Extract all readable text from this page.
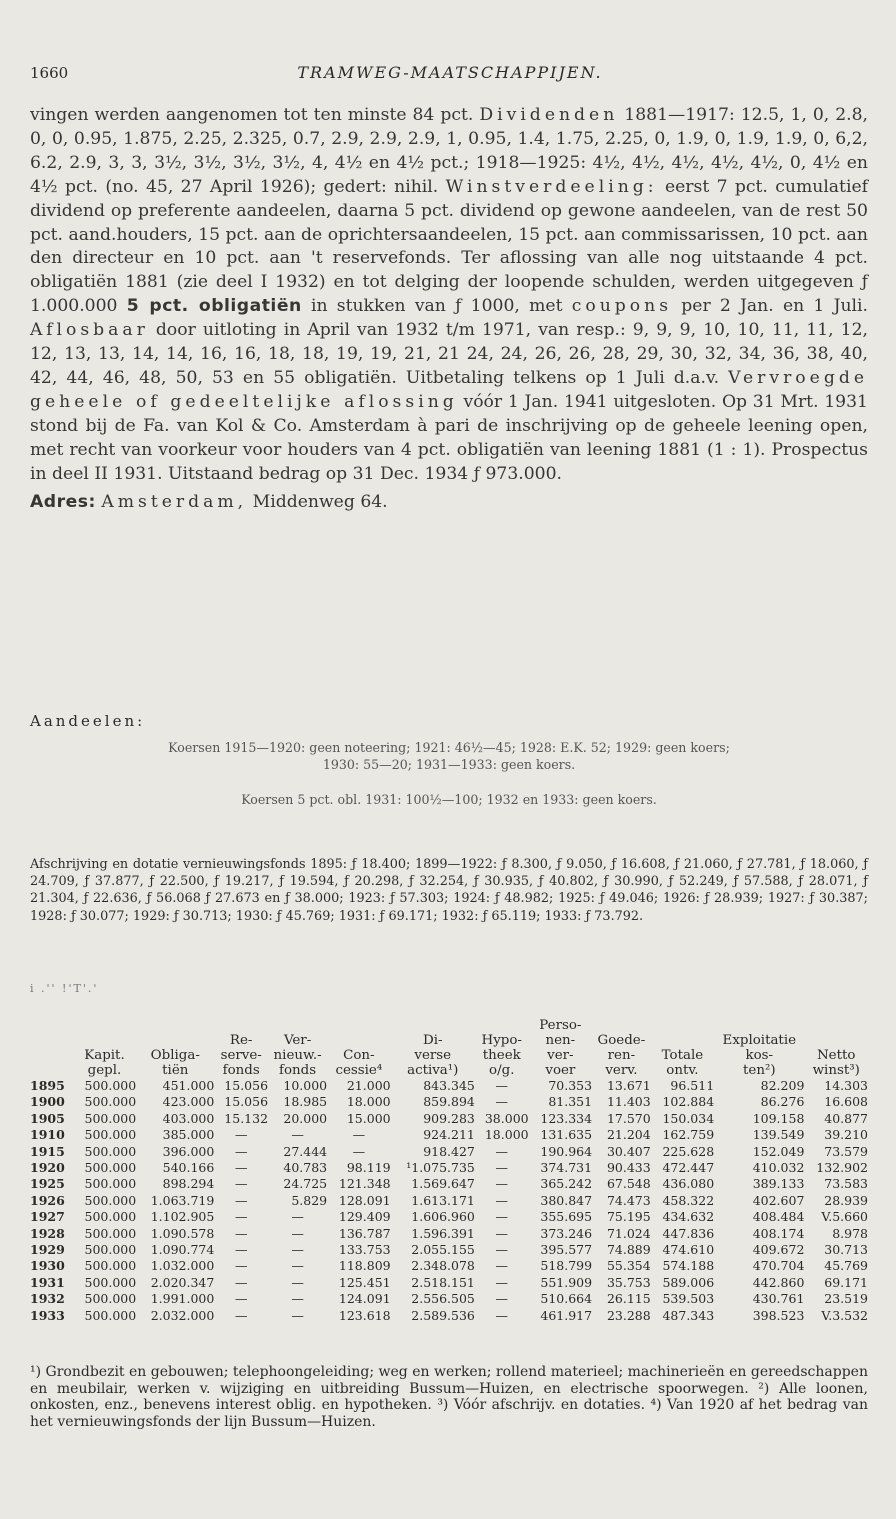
1660	TRAMWEG-MAATSCHAPPIJEN.
vingen werden aangenomen tot ten minste 84 pct. Dividenden 1881—1917: 12.5, 1, 0, 2.8, 0, 0, 0.95, 1.875, 2.25, 2.325, 0.7, 2.9, 2.9, 2.9, 1, 0.95, 1.4, 1.75, 2.25, 0, 1.9, 0, 1.9, 1.9, 0, 6,2, 6.2, 2.9, 3, 3, 3½, 3½, 3½, 3½, 4, 4½ en 4½ pct.; 1918—1925: 4½, 4½, 4½, 4½, 4½, 0, 4½ en 4½ pct. (no. 45, 27 April 1926); gedert: nihil. Winstverdeeling: eerst 7 pct. cumulatief dividend op preferente aandeelen, daarna 5 pct. dividend op gewone aandeelen, van de rest 50 pct. aand.houders, 15 pct. aan de oprichtersaandeelen, 15 pct. aan commissarissen, 10 pct. aan den directeur en 10 pct. aan 't reservefonds. Ter aflossing van alle nog uitstaande 4 pct. obligatiën 1881 (zie deel I 1932) en tot delging der loopende schulden, werden uitgegeven ƒ 1.000.000 5 pct. obligatiën in stukken van ƒ 1000, met coupons per 2 Jan. en 1 Juli. Aflosbaar door uitloting in April van 1932 t/m 1971, van resp.: 9, 9, 9, 10, 10, 11, 11, 12, 12, 13, 13, 14, 14, 16, 16, 18, 18, 19, 19, 21, 21 24, 24, 26, 26, 28, 29, 30, 32, 34, 36, 38, 40, 42, 44, 46, 48, 50, 53 en 55 obligatiën. Uitbetaling telkens op 1 Juli d.a.v. Vervroegde geheele of gedeeltelijke aflossing vóór 1 Jan. 1941 uitgesloten. Op 31 Mrt. 1931 stond bij de Fa. van Kol & Co. Amsterdam à pari de inschrijving op de geheele leening open, met recht van voorkeur voor houders van 4 pct. obligatiën van leening 1881 (1 : 1). Prospectus in deel II 1931. Uitstaand bedrag op 31 Dec. 1934 ƒ 973.000.
Adres: Amsterdam, Middenweg 64.
Aandeelen:
Koersen 1915—1920: geen noteering; 1921: 46½—45; 1928: E.K. 52; 1929: geen koers;
1930: 55—20; 1931—1933: geen koers.
Koersen 5 pct. obl. 1931: 100½—100; 1932 en 1933: geen koers.
Afschrijving en dotatie vernieuwingsfonds 1895: ƒ 18.400; 1899—1922: ƒ 8.300, ƒ 9.050, ƒ 16.608, ƒ 21.060, ƒ 27.781, ƒ 18.060, ƒ 24.709, ƒ 37.877, ƒ 22.500, ƒ 19.217, ƒ 19.594, ƒ 20.298, ƒ 32.254, ƒ 30.935, ƒ 40.802, ƒ 30.990, ƒ 52.249, ƒ 57.588, ƒ 28.071, ƒ 21.304, ƒ 22.636, ƒ 56.068 ƒ 27.673 en ƒ 38.000; 1923: ƒ 57.303; 1924: ƒ 48.982; 1925: ƒ 49.046; 1926: ƒ 28.939; 1927: ƒ 30.387; 1928: ƒ 30.077; 1929: ƒ 30.713; 1930: ƒ 45.769; 1931: ƒ 69.171; 1932: ƒ 65.119; 1933: ƒ 73.792.
i .'' !'T'.'
								Perso-				
			Re-	Ver-		Di-	Hypo-	nen-	Goede-		Exploitatie	
	Kapit.	Obliga-	serve-	nieuw.-	Con-	verse	theek	ver-	ren-	Totale	kos-	Netto
	gepl.	tiën	fonds	fonds	cessie⁴	activa¹)	o/g.	voer	verv.	ontv.	ten²)	winst³)
1895	500.000	451.000	15.056	10.000	21.000	843.345	—	70.353	13.671	96.511	82.209	14.303
1900	500.000	423.000	15.056	18.985	18.000	859.894	—	81.351	11.403	102.884	86.276	16.608
1905	500.000	403.000	15.132	20.000	15.000	909.283	38.000	123.334	17.570	150.034	109.158	40.877
1910	500.000	385.000	—	—	—	924.211	18.000	131.635	21.204	162.759	139.549	39.210
1915	500.000	396.000	—	27.444	—	918.427	—	190.964	30.407	225.628	152.049	73.579
1920	500.000	540.166	—	40.783	98.119	¹1.075.735	—	374.731	90.433	472.447	410.032	132.902
1925	500.000	898.294	—	24.725	121.348	1.569.647	—	365.242	67.548	436.080	389.133	73.583
1926	500.000	1.063.719	—	5.829	128.091	1.613.171	—	380.847	74.473	458.322	402.607	28.939
1927	500.000	1.102.905	—	—	129.409	1.606.960	—	355.695	75.195	434.632	408.484	V.5.660
1928	500.000	1.090.578	—	—	136.787	1.596.391	—	373.246	71.024	447.836	408.174	8.978
1929	500.000	1.090.774	—	—	133.753	2.055.155	—	395.577	74.889	474.610	409.672	30.713
1930	500.000	1.032.000	—	—	118.809	2.348.078	—	518.799	55.354	574.188	470.704	45.769
1931	500.000	2.020.347	—	—	125.451	2.518.151	—	551.909	35.753	589.006	442.860	69.171
1932	500.000	1.991.000	—	—	124.091	2.556.505	—	510.664	26.115	539.503	430.761	23.519
1933	500.000	2.032.000	—	—	123.618	2.589.536	—	461.917	23.288	487.343	398.523	V.3.532
¹) Grondbezit en gebouwen; telephoongeleiding; weg en werken; rollend materieel; machinerieën en gereedschappen en meubilair, werken v. wijziging en uitbreiding Bussum—Huizen, en electrische spoorwegen. ²) Alle loonen, onkosten, enz., benevens interest oblig. en hypotheken. ³) Vóór afschrijv. en dotaties. ⁴) Van 1920 af het bedrag van het vernieuwingsfonds der lijn Bussum—Huizen.
